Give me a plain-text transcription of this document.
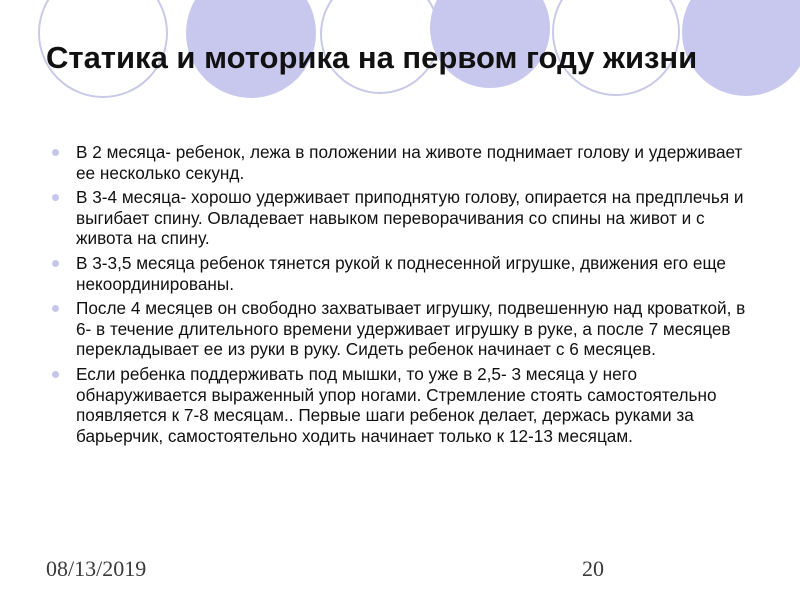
Статика и моторика на первом году жизни
В 2 месяца- ребенок, лежа в положении на животе поднимает голову и удерживает ее несколько секунд.
В 3-4 месяца- хорошо удерживает приподнятую голову, опирается на предплечья и выгибает спину. Овладевает навыком переворачивания со спины на живот и с живота на спину.
В 3-3,5 месяца ребенок тянется рукой к поднесенной игрушке, движения его еще некоординированы.
После 4 месяцев он свободно захватывает игрушку, подвешенную над кроваткой, в 6- в течение длительного времени удерживает игрушку в руке, а после 7 месяцев перекладывает ее из руки в руку. Сидеть ребенок начинает с 6 месяцев.
Если ребенка поддерживать под мышки, то уже в 2,5- 3 месяца у него обнаруживается выраженный упор ногами. Стремление стоять самостоятельно появляется к 7-8 месяцам.. Первые шаги ребенок делает, держась руками за барьерчик, самостоятельно ходить начинает только к 12-13 месяцам.
08/13/2019	20
